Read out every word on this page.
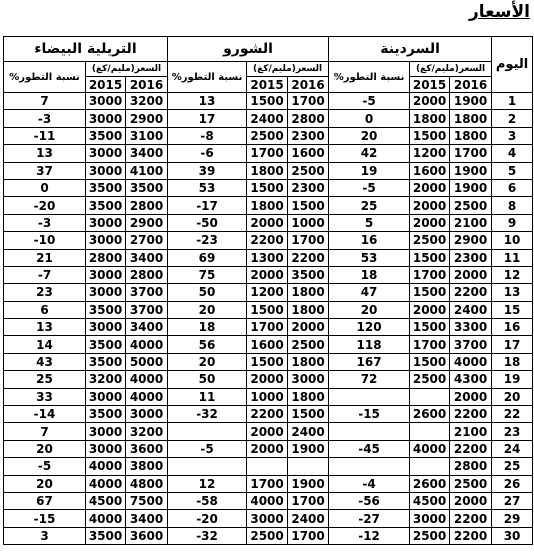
الأسعار
اليوم	السردينة			الشورو			التريلية البيضاء		
	السعر(مليم/كغ)		نسبة التطور%	السعر(مليم/كغ)		نسبة التطور%	السعر(مليم/كغ)		نسبة التطور%
	2016	2015		2016	2015		2016	2015	
1	1900	2000	5-	1700	1500	13	3200	3000	7
2	1800	1800	0	2800	2400	17	2900	3000	3-
3	1800	1500	20	2300	2500	8-	3100	3500	11-
4	1700	1200	42	1600	1700	6-	3400	3000	13
5	1900	1600	19	2500	1800	39	4100	3000	37
6	1900	2000	5-	2300	1500	53	3500	3500	0
8	2500	2000	25	1500	1800	17-	2800	3500	20-
9	2100	2000	5	1000	2000	50-	2900	3000	3-
10	2900	2500	16	1700	2200	23-	2700	3000	10-
11	2300	1500	53	2200	1300	69	3400	2800	21
12	2000	1700	18	3500	2000	75	2800	3000	7-
13	2200	1500	47	1800	1200	50	3700	3000	23
15	2400	2000	20	1800	1500	20	3700	3500	6
16	3300	1500	120	2000	1700	18	3400	3000	13
17	3700	1700	118	2500	1600	56	4000	3500	14
18	4000	1500	167	1800	1500	20	5000	3500	43
19	4300	2500	72	3000	2000	50	4000	3200	25
20	2000			1800	1000	11	4000	3000	33
22	2200	2600	15-	1500	2200	32-	3000	3500	14-
23	2100			2400	2000		3200	3000	7
24	2200	4000	45-	1900	2000	5-	3600	3000	20
25	2800						3800	4000	5-
26	2500	2600	4-	1900	1700	12	4800	4000	20
27	2000	4500	56-	1700	4000	58-	7500	4500	67
29	2200	3000	27-	2400	3000	20-	3400	4000	15-
30	2200	2500	12-	1700	2500	32-	3600	3500	3
